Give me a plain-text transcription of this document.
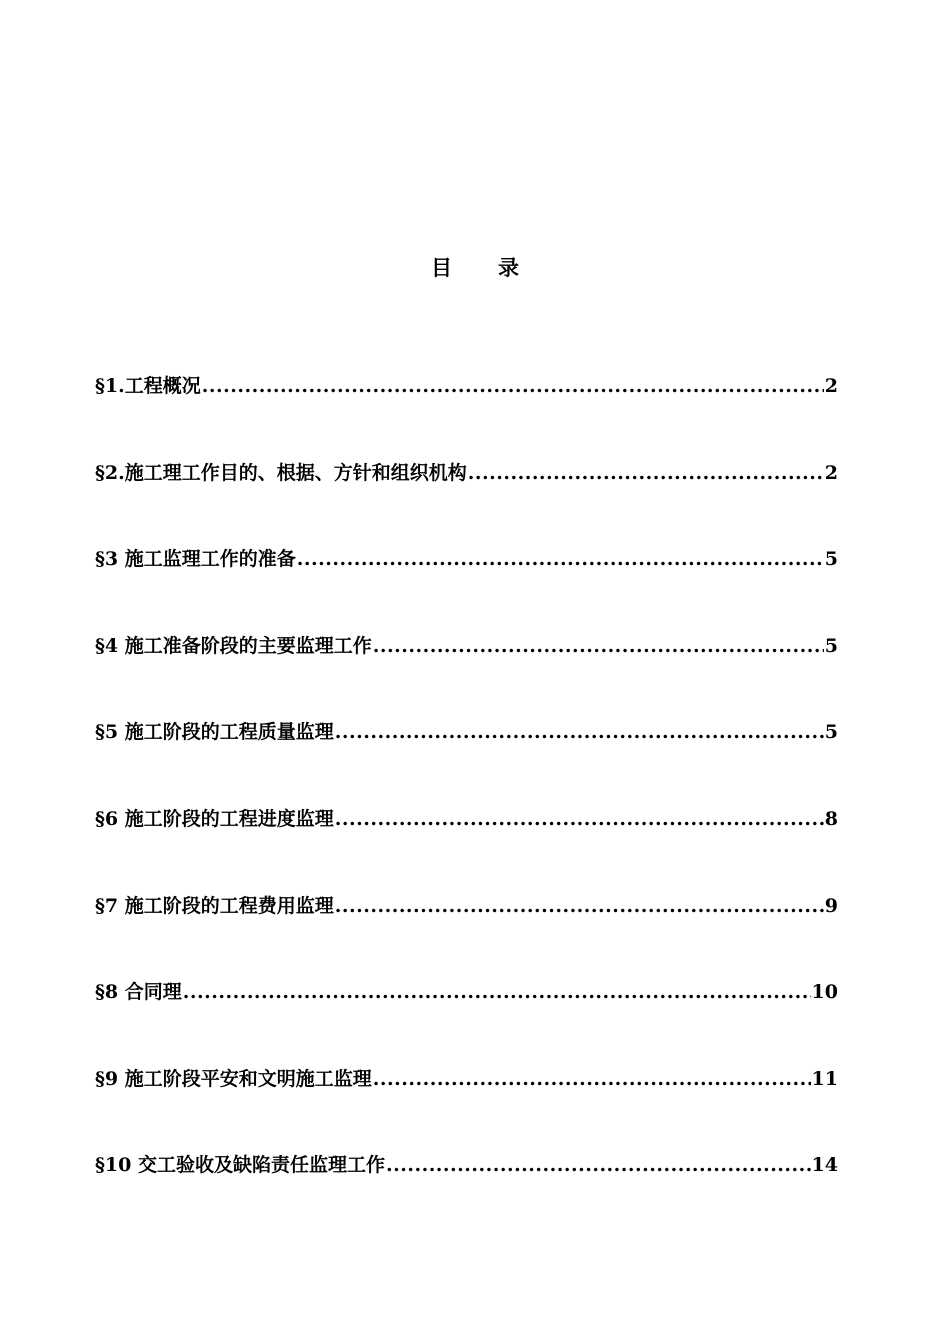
目 录
§1.工程概况 .....	2
§2.施工理工作目的、根据、方针和组织机构 .....	2
§3 施工监理工作的准备 .....	5
§4 施工准备阶段的主要监理工作 .....	5
§5 施工阶段的工程质量监理 .....	5
§6 施工阶段的工程进度监理 .....	8
§7 施工阶段的工程费用监理 .....	9
§8 合同理 .....	10
§9 施工阶段平安和文明施工监理 .....	11
§10 交工验收及缺陷责任监理工作 .....	14
